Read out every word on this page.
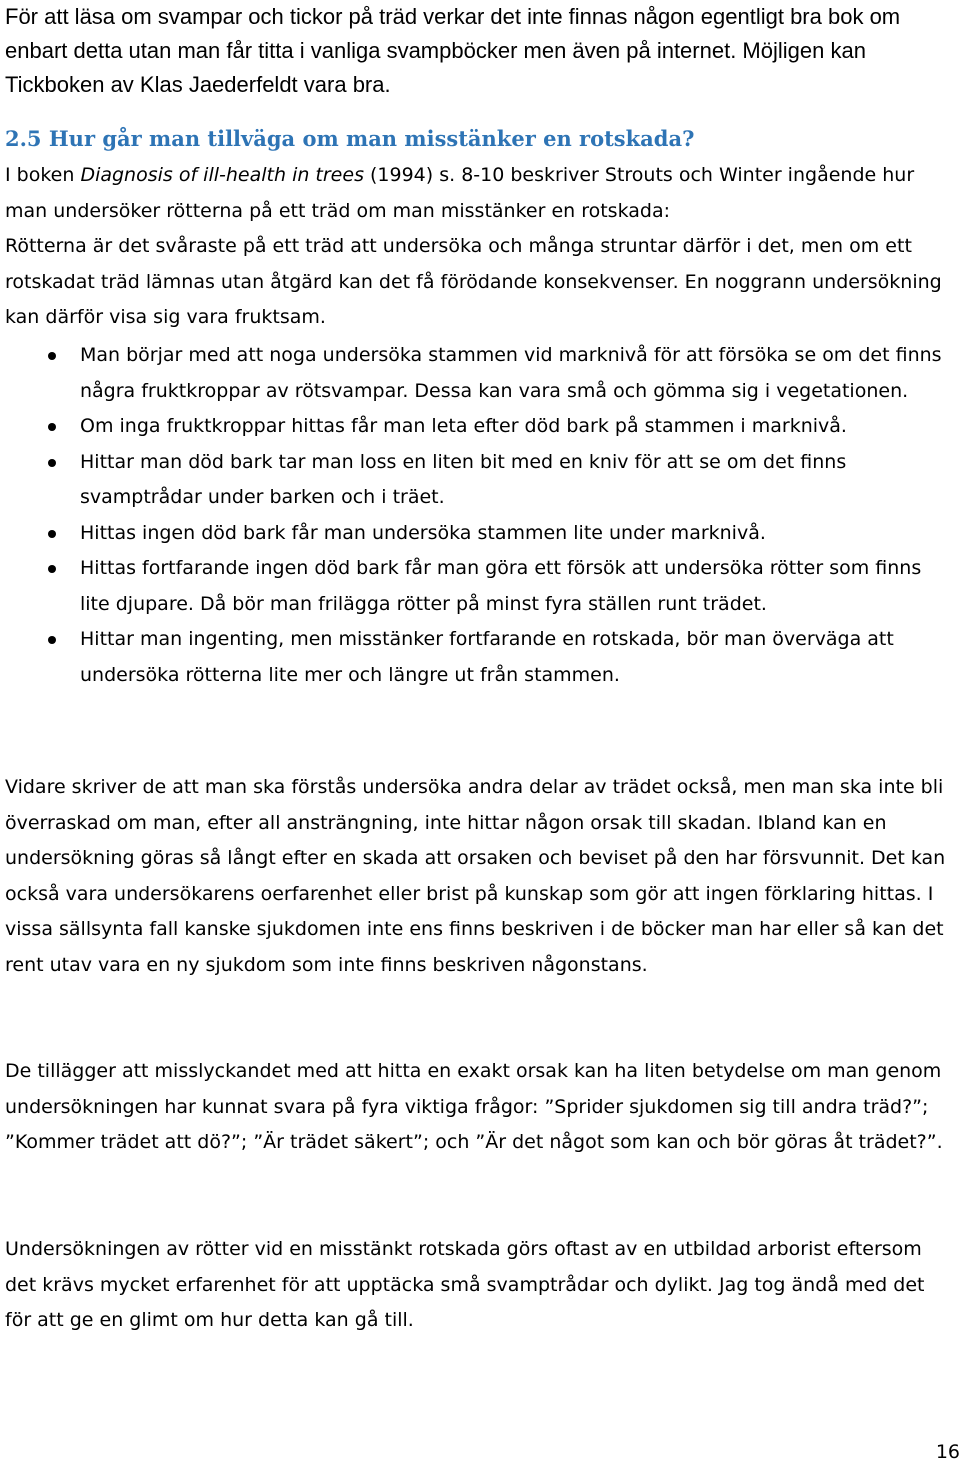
För att läsa om svampar och tickor på träd verkar det inte finnas någon egentligt bra bok om enbart detta utan man får titta i vanliga svampböcker men även på internet. Möjligen kan Tickboken av Klas Jaederfeldt vara bra.

2.5 Hur går man tillväga om man misstänker en rotskada?

I boken Diagnosis of ill-health in trees (1994) s. 8-10 beskriver Strouts och Winter ingående hur man undersöker rötterna på ett träd om man misstänker en rotskada:

Rötterna är det svåraste på ett träd att undersöka och många struntar därför i det, men om ett rotskadat träd lämnas utan åtgärd kan det få förödande konsekvenser. En noggrann undersökning kan därför visa sig vara fruktsam.

Man börjar med att noga undersöka stammen vid marknivå för att försöka se om det finns några fruktkroppar av rötsvampar. Dessa kan vara små och gömma sig i vegetationen.
Om inga fruktkroppar hittas får man leta efter död bark på stammen i marknivå.
Hittar man död bark tar man loss en liten bit med en kniv för att se om det finns svamptrådar under barken och i träet.
Hittas ingen död bark får man undersöka stammen lite under marknivå.
Hittas fortfarande ingen död bark får man göra ett försök att undersöka rötter som finns lite djupare. Då bör man frilägga rötter på minst fyra ställen runt trädet.
Hittar man ingenting, men misstänker fortfarande en rotskada, bör man överväga att undersöka rötterna lite mer och längre ut från stammen.

Vidare skriver de att man ska förstås undersöka andra delar av trädet också, men man ska inte bli överraskad om man, efter all ansträngning, inte hittar någon orsak till skadan. Ibland kan en undersökning göras så långt efter en skada att orsaken och beviset på den har försvunnit. Det kan också vara undersökarens oerfarenhet eller brist på kunskap som gör att ingen förklaring hittas. I vissa sällsynta fall kanske sjukdomen inte ens finns beskriven i de böcker man har eller så kan det rent utav vara en ny sjukdom som inte finns beskriven någonstans.

De tillägger att misslyckandet med att hitta en exakt orsak kan ha liten betydelse om man genom undersökningen har kunnat svara på fyra viktiga frågor: ”Sprider sjukdomen sig till andra träd?”; ”Kommer trädet att dö?”; ”Är trädet säkert”; och ”Är det något som kan och bör göras åt trädet?”.

Undersökningen av rötter vid en misstänkt rotskada görs oftast av en utbildad arborist eftersom det krävs mycket erfarenhet för att upptäcka små svamptrådar och dylikt. Jag tog ändå med det för att ge en glimt om hur detta kan gå till.

16
